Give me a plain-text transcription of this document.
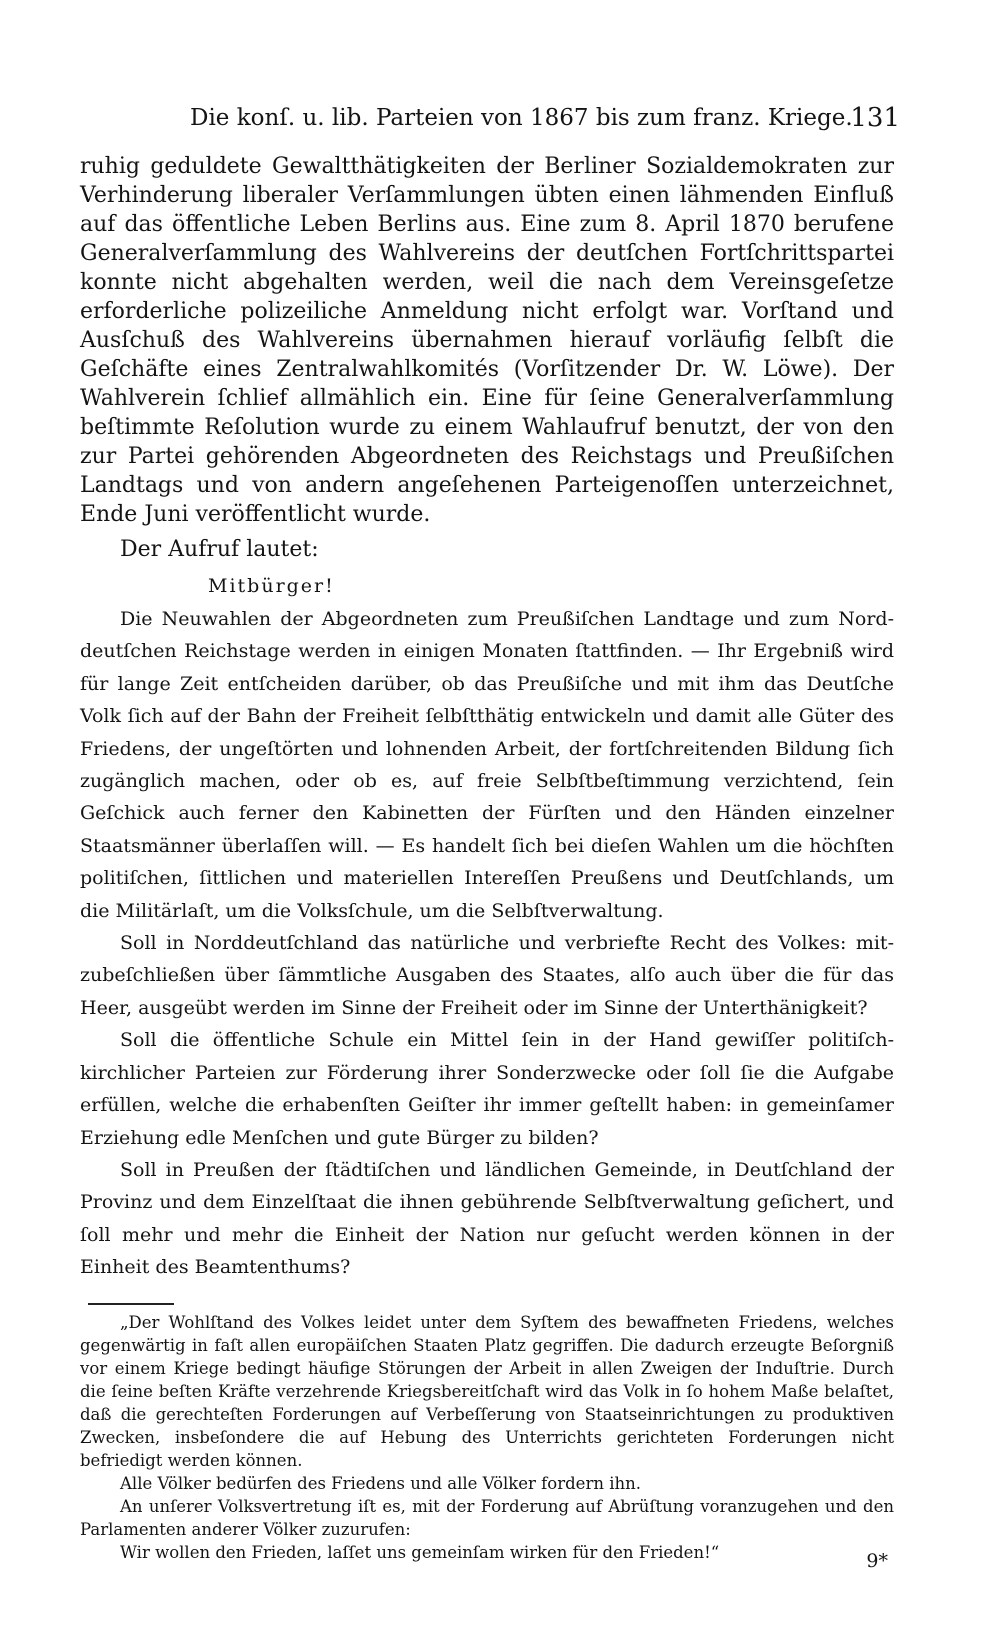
Die konſ. u. lib. Parteien von 1867 bis zum franz. Kriege.
131

ruhig geduldete Gewaltthätigkeiten der Berliner Sozialdemokraten zur Verhinderung liberaler Verſammlungen übten einen lähmenden Einfluß auf das öffentliche Leben Berlins aus. Eine zum 8. April 1870 berufene Generalverſammlung des Wahlvereins der deutſchen Fortſchrittspartei konnte nicht abgehalten werden, weil die nach dem Vereinsgeſetze erforderliche polizeiliche Anmeldung nicht erfolgt war. Vorſtand und Ausſchuß des Wahlvereins übernahmen hierauf vorläufig ſelbſt die Geſchäfte eines Zentralwahlkomités (Vorſitzender Dr. W. Löwe). Der Wahlverein ſchlief allmählich ein. Eine für ſeine Generalverſammlung beſtimmte Reſolution wurde zu einem Wahlaufruf benutzt, der von den zur Partei gehörenden Abgeordneten des Reichstags und Preußiſchen Landtags und von andern angeſehenen Parteigenoſſen unterzeichnet, Ende Juni veröffentlicht wurde.

Der Aufruf lautet:

Mitbürger!

Die Neuwahlen der Abgeordneten zum Preußiſchen Landtage und zum Norddeutſchen Reichstage werden in einigen Monaten ſtattfinden. — Ihr Ergebniß wird für lange Zeit entſcheiden darüber, ob das Preußiſche und mit ihm das Deutſche Volk ſich auf der Bahn der Freiheit ſelbſtthätig entwickeln und damit alle Güter des Friedens, der ungeſtörten und lohnenden Arbeit, der fortſchreitenden Bildung ſich zugänglich machen, oder ob es, auf freie Selbſtbeſtimmung verzichtend, ſein Geſchick auch ferner den Kabinetten der Fürſten und den Händen einzelner Staatsmänner überlaſſen will. — Es handelt ſich bei dieſen Wahlen um die höchſten politiſchen, ſittlichen und materiellen Intereſſen Preußens und Deutſchlands, um die Militärlaſt, um die Volksſchule, um die Selbſtverwaltung.

Soll in Norddeutſchland das natürliche und verbriefte Recht des Volkes: mitzubeſchließen über ſämmtliche Ausgaben des Staates, alſo auch über die für das Heer, ausgeübt werden im Sinne der Freiheit oder im Sinne der Unterthänigkeit?

Soll die öffentliche Schule ein Mittel ſein in der Hand gewiſſer politiſch-kirchlicher Parteien zur Förderung ihrer Sonderzwecke oder ſoll ſie die Aufgabe erfüllen, welche die erhabenſten Geiſter ihr immer geſtellt haben: in gemeinſamer Erziehung edle Menſchen und gute Bürger zu bilden?

Soll in Preußen der ſtädtiſchen und ländlichen Gemeinde, in Deutſchland der Provinz und dem Einzelſtaat die ihnen gebührende Selbſtverwaltung geſichert, und ſoll mehr und mehr die Einheit der Nation nur geſucht werden können in der Einheit des Beamtenthums?

„Der Wohlſtand des Volkes leidet unter dem Syſtem des bewaffneten Friedens, welches gegenwärtig in faſt allen europäiſchen Staaten Platz gegriffen. Die dadurch erzeugte Beſorgniß vor einem Kriege bedingt häufige Störungen der Arbeit in allen Zweigen der Induſtrie. Durch die ſeine beſten Kräfte verzehrende Kriegsbereitſchaft wird das Volk in ſo hohem Maße belaſtet, daß die gerechteſten Forderungen auf Verbeſſerung von Staatseinrichtungen zu produktiven Zwecken, insbeſondere die auf Hebung des Unterrichts gerichteten Forderungen nicht befriedigt werden können.

Alle Völker bedürfen des Friedens und alle Völker fordern ihn.

An unſerer Volksvertretung iſt es, mit der Forderung auf Abrüſtung voranzugehen und den Parlamenten anderer Völker zuzurufen:

Wir wollen den Frieden, laſſet uns gemeinſam wirken für den Frieden!“	9*
